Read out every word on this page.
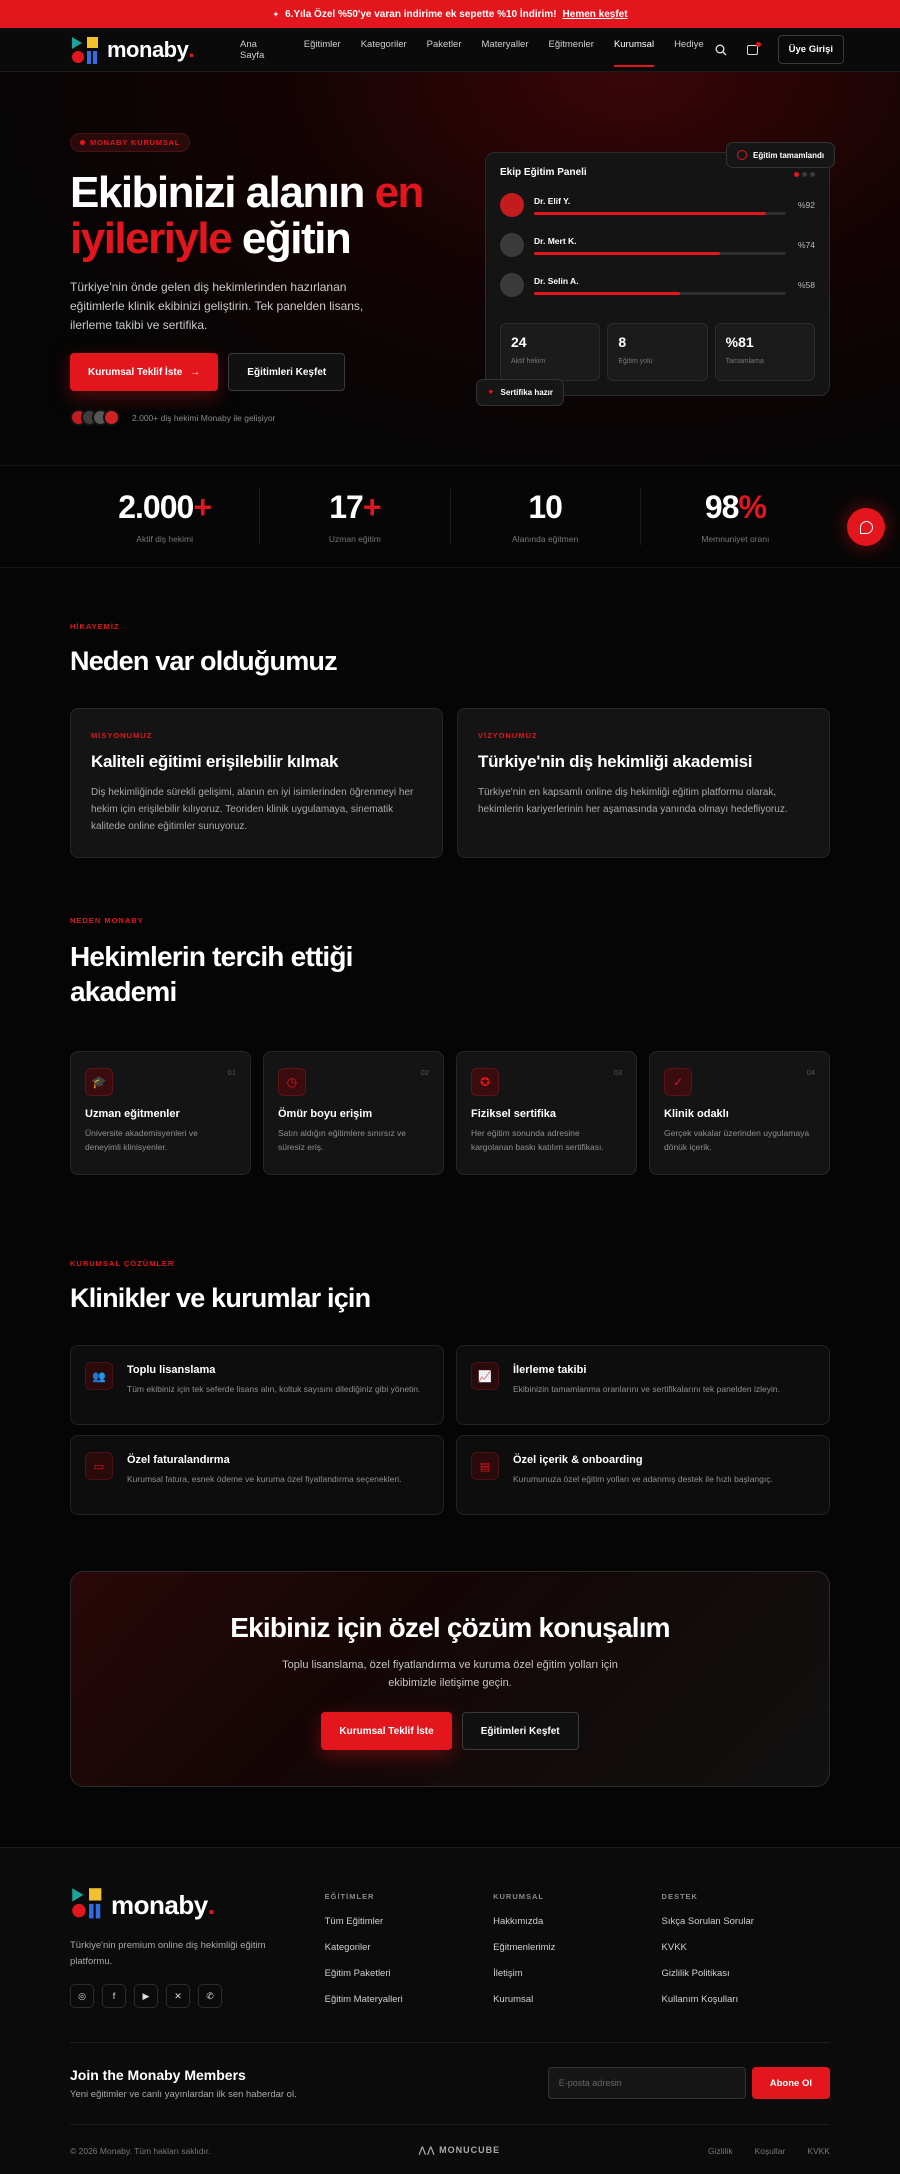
✦ 6.Yıla Özel %50'ye varan indirime ek sepette %10 İndirim! Hemen keşfet
monaby.	Ana Sayfa
Eğitimler	Kategoriler	Paketler	Materyaller	Eğitmenler	Kurumsal	Hediye	Üye Girişi
MONABY KURUMSAL
Ekibinizi alanın en
iyileriyle eğitin

Türkiye'nin önde gelen diş hekimlerinden hazırlanan eğitimlerle klinik ekibinizi geliştirin. Tek panelden lisans, ilerleme takibi ve sertifika.

Kurumsal Teklif İste →	Eğitimleri Keşfet
2.000+ diş hekimi Monaby ile gelişiyor
Ekip Eğitim Paneli
Dr. Elif Y.	%92
Dr. Mert K.	%74
Dr. Selin A.	%58
24
Aktif hekim
8
Eğitim yolu
%81
Tamamlama
Eğitim tamamlandı
✦ Sertifika hazır
2.000+
Aktif diş hekimi
17+
Uzman eğitim
10
Alanında eğitmen
98%
Memnuniyet oranı
HİKAYEMİZ
Neden var olduğumuz
MİSYONUMUZ
Kaliteli eğitimi erişilebilir kılmak
Diş hekimliğinde sürekli gelişimi, alanın en iyi isimlerinden öğrenmeyi her hekim için erişilebilir kılıyoruz. Teoriden klinik uygulamaya, sinematik kalitede online eğitimler sunuyoruz.
VİZYONUMUZ
Türkiye'nin diş hekimliği akademisi
Türkiye'nin en kapsamlı online diş hekimliği eğitim platformu olarak, hekimlerin kariyerlerinin her aşamasında yanında olmayı hedefliyoruz.
NEDEN MONABY
Hekimlerin tercih ettiği
akademi
🎓
01
Uzman eğitmenler
Üniversite akademisyenleri ve deneyimli klinisyenler.
◷
02
Ömür boyu erişim
Satın aldığın eğitimlere sınırsız ve süresiz eriş.
✪
03
Fiziksel sertifika
Her eğitim sonunda adresine kargolanan baskı katılım sertifikası.
✓
04
Klinik odaklı
Gerçek vakalar üzerinden uygulamaya dönük içerik.
KURUMSAL ÇÖZÜMLER
Klinikler ve kurumlar için
👥
Toplu lisanslama
Tüm ekibiniz için tek seferde lisans alın, koltuk sayısını dilediğiniz gibi yönetin.
📈
İlerleme takibi
Ekibinizin tamamlanma oranlarını ve sertifikalarını tek panelden izleyin.
▭
Özel faturalandırma
Kurumsal fatura, esnek ödeme ve kuruma özel fiyatlandırma seçenekleri.
▤
Özel içerik & onboarding
Kurumunuza özel eğitim yolları ve adanmış destek ile hızlı başlangıç.
Ekibiniz için özel çözüm konuşalım
Toplu lisanslama, özel fiyatlandırma ve kuruma özel eğitim yolları için ekibimizle iletişime geçin.
Kurumsal Teklif İste	Eğitimleri Keşfet
monaby.
Türkiye'nin premium online diş hekimliği eğitim platformu.
◎	f	▶	✕	✆
EĞİTİMLER
Tüm Eğitimler
Kategoriler
Eğitim Paketleri
Eğitim Materyalleri
KURUMSAL
Hakkımızda
Eğitmenlerimiz
İletişim
Kurumsal
DESTEK
Sıkça Sorulan Sorular
KVKK
Gizlilik Politikası
Kullanım Koşulları
Join the Monaby Members
Yeni eğitimler ve canlı yayınlardan ilk sen haberdar ol.
E-posta adresin	Abone Ol
© 2026 Monaby. Tüm hakları saklıdır.	⋀⋀ MONUCUBE	Gizlilik	Koşullar	KVKK
